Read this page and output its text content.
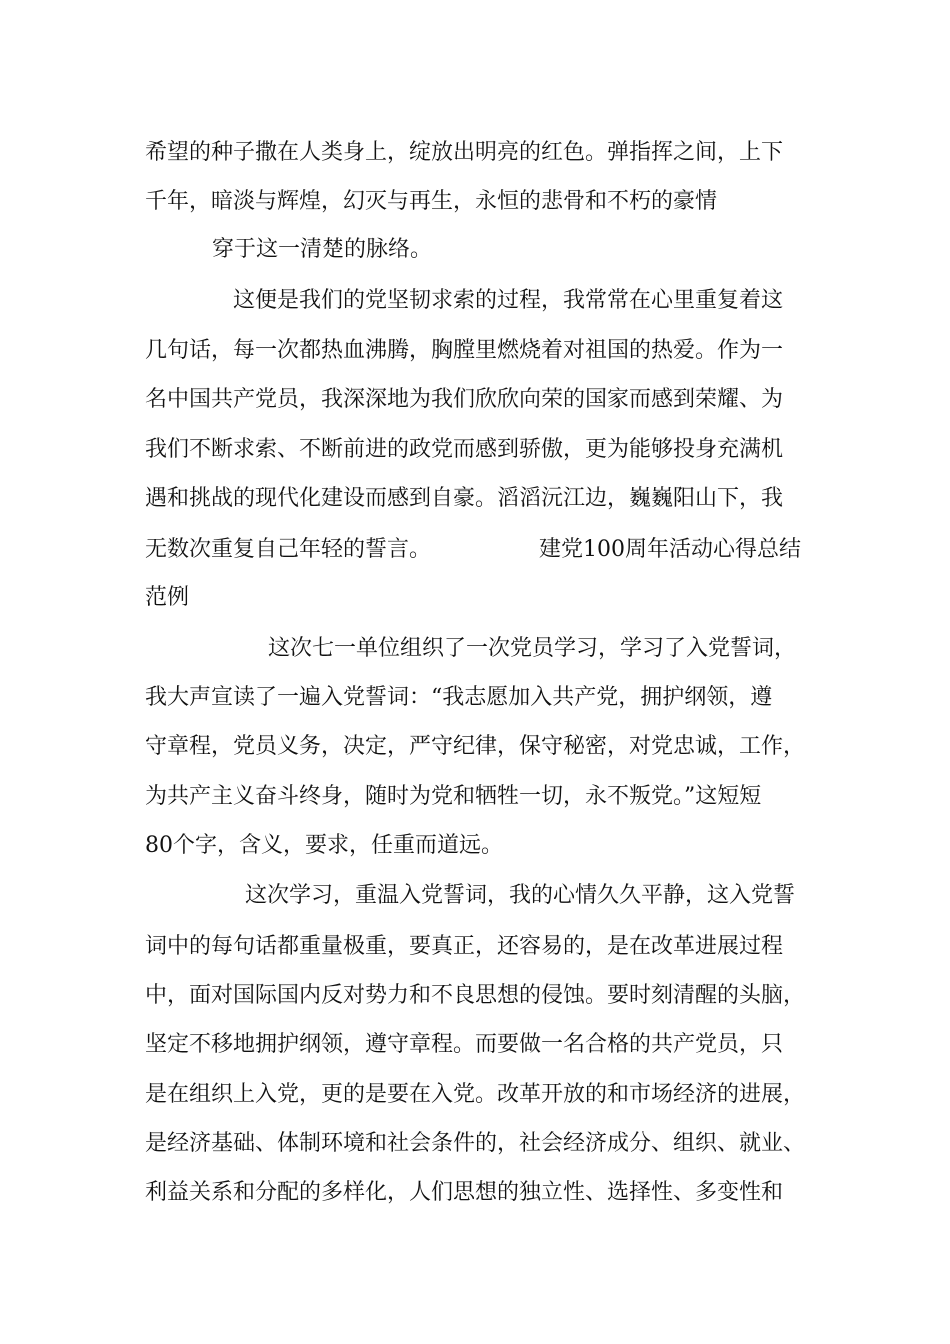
希望的种子撒在人类身上，绽放出明亮的红色。弹指挥之间，上下
千年，暗淡与辉煌，幻灭与再生，永恒的悲骨和不朽的豪情
穿于这一清楚的脉络。
这便是我们的党坚韧求索的过程，我常常在心里重复着这
几句话，每一次都热血沸腾，胸膛里燃烧着对祖国的热爱。作为一
名中国共产党员，我深深地为我们欣欣向荣的国家而感到荣耀、为
我们不断求索、不断前进的政党而感到骄傲，更为能够投身充满机
遇和挑战的现代化建设而感到自豪。滔滔沅江边，巍巍阳山下，我
无数次重复自己年轻的誓言。	建党100周年活动心得总结
范例
这次七一单位组织了一次党员学习，学习了入党誓词，
我大声宣读了一遍入党誓词：“我志愿加入共产党，拥护纲领，遵
守章程，党员义务，决定，严守纪律，保守秘密，对党忠诚，工作，
为共产主义奋斗终身，随时为党和牺牲一切，永不叛党。”这短短
80个字，含义，要求，任重而道远。
这次学习，重温入党誓词，我的心情久久平静，这入党誓
词中的每句话都重量极重，要真正，还容易的，是在改革进展过程
中，面对国际国内反对势力和不良思想的侵蚀。要时刻清醒的头脑，
坚定不移地拥护纲领，遵守章程。而要做一名合格的共产党员，只
是在组织上入党，更的是要在入党。改革开放的和市场经济的进展，
是经济基础、体制环境和社会条件的，社会经济成分、组织、就业、
利益关系和分配的多样化，人们思想的独立性、选择性、多变性和
